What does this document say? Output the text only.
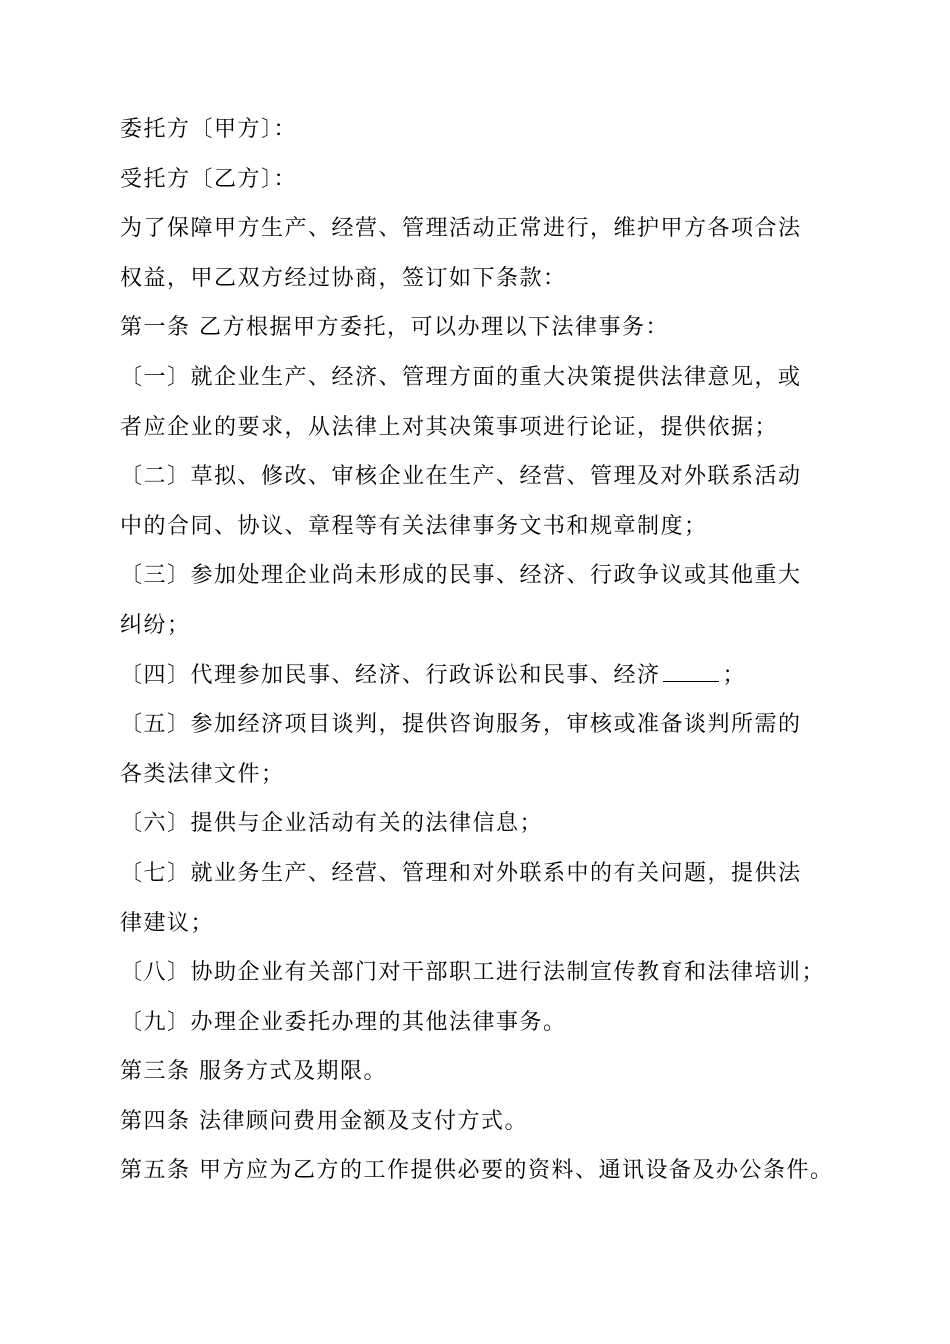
委托方〔甲方〕：
受托方〔乙方〕：
为了保障甲方生产、经营、管理活动正常进行，维护甲方各项合法
权益，甲乙双方经过协商，签订如下条款：
第一条 乙方根据甲方委托，可以办理以下法律事务：
〔一〕就企业生产、经济、管理方面的重大决策提供法律意见，或
者应企业的要求，从法律上对其决策事项进行论证，提供依据；
〔二〕草拟、修改、审核企业在生产、经营、管理及对外联系活动
中的合同、协议、章程等有关法律事务文书和规章制度；
〔三〕参加处理企业尚未形成的民事、经济、行政争议或其他重大
纠纷；
〔四〕代理参加民事、经济、行政诉讼和民事、经济	；
〔五〕参加经济项目谈判，提供咨询服务，审核或准备谈判所需的
各类法律文件；
〔六〕提供与企业活动有关的法律信息；
〔七〕就业务生产、经营、管理和对外联系中的有关问题，提供法
律建议；
〔八〕协助企业有关部门对干部职工进行法制宣传教育和法律培训；
〔九〕办理企业委托办理的其他法律事务。
第三条 服务方式及期限。
第四条 法律顾问费用金额及支付方式。
第五条 甲方应为乙方的工作提供必要的资料、通讯设备及办公条件。
